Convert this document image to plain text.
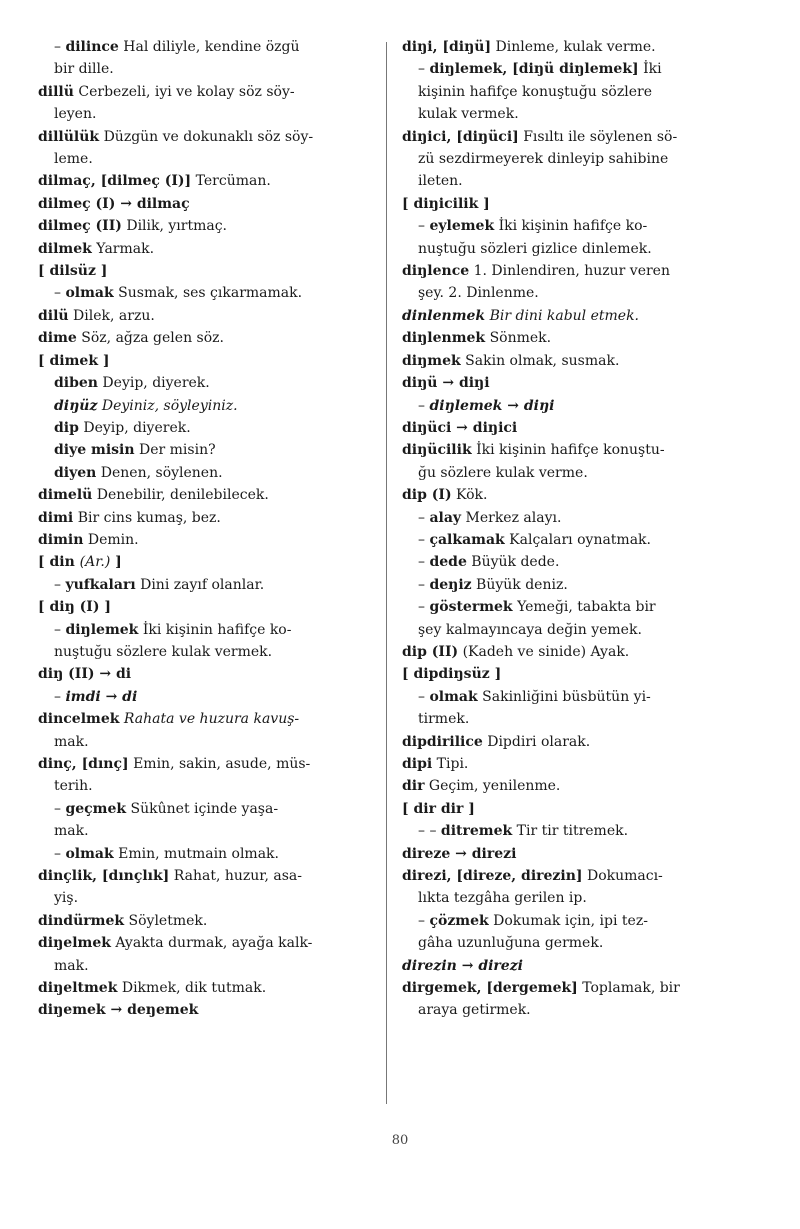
– dilince Hal diliyle, kendine özgü
bir dille.
dillü Cerbezeli, iyi ve kolay söz söy-
leyen.
dillülük Düzgün ve dokunaklı söz söy-
leme.
dilmaç, [dilmeç (I)] Tercüman.
dilmeç (I) → dilmaç
dilmeç (II) Dilik, yırtmaç.
dilmek Yarmak.
[ dilsüz ]
– olmak Susmak, ses çıkarmamak.
dilü Dilek, arzu.
dime Söz, ağza gelen söz.
[ dimek ]
diben Deyip, diyerek.
diŋüz Deyiniz, söyleyiniz.
dip Deyip, diyerek.
diye misin Der misin?
diyen Denen, söylenen.
dimelü Denebilir, denilebilecek.
dimi Bir cins kumaş, bez.
dimin Demin.
[ din (Ar.) ]
– yufkaları Dini zayıf olanlar.
[ diŋ (I) ]
– diŋlemek İki kişinin hafifçe ko-
nuştuğu sözlere kulak vermek.
diŋ (II) → di
– imdi → di
dincelmek Rahata ve huzura kavuş-
mak.
dinç, [dınç] Emin, sakin, asude, müs-
terih.
– geçmek Sükûnet içinde yaşa-
mak.
– olmak Emin, mutmain olmak.
dinçlik, [dınçlık] Rahat, huzur, asa-
yiş.
dindürmek Söyletmek.
diŋelmek Ayakta durmak, ayağa kalk-
mak.
diŋeltmek Dikmek, dik tutmak.
diŋemek → deŋemek
diŋi, [diŋü] Dinleme, kulak verme.
– diŋlemek, [diŋü diŋlemek] İki
kişinin hafifçe konuştuğu sözlere
kulak vermek.
diŋici, [diŋüci] Fısıltı ile söylenen sö-
zü sezdirmeyerek dinleyip sahibine
ileten.
[ diŋicilik ]
– eylemek İki kişinin hafifçe ko-
nuştuğu sözleri gizlice dinlemek.
diŋlence 1. Dinlendiren, huzur veren
şey. 2. Dinlenme.
dinlenmek Bir dini kabul etmek.
diŋlenmek Sönmek.
diŋmek Sakin olmak, susmak.
diŋü → diŋi
– diŋlemek → diŋi
diŋüci → diŋici
diŋücilik İki kişinin hafifçe konuştu-
ğu sözlere kulak verme.
dip (I) Kök.
– alay Merkez alayı.
– çalkamak Kalçaları oynatmak.
– dede Büyük dede.
– deŋiz Büyük deniz.
– göstermek Yemeği, tabakta bir
şey kalmayıncaya değin yemek.
dip (II) (Kadeh ve sinide) Ayak.
[ dipdiŋsüz ]
– olmak Sakinliğini büsbütün yi-
tirmek.
dipdirilice Dipdiri olarak.
dipi Tipi.
dir Geçim, yenilenme.
[ dir dir ]
– – ditremek Tir tir titremek.
direze → direzi
direzi, [direze, direzin] Dokumacı-
lıkta tezgâha gerilen ip.
– çözmek Dokumak için, ipi tez-
gâha uzunluğuna germek.
direzin → direzi
dirgemek, [dergemek] Toplamak, bir
araya getirmek.
80
